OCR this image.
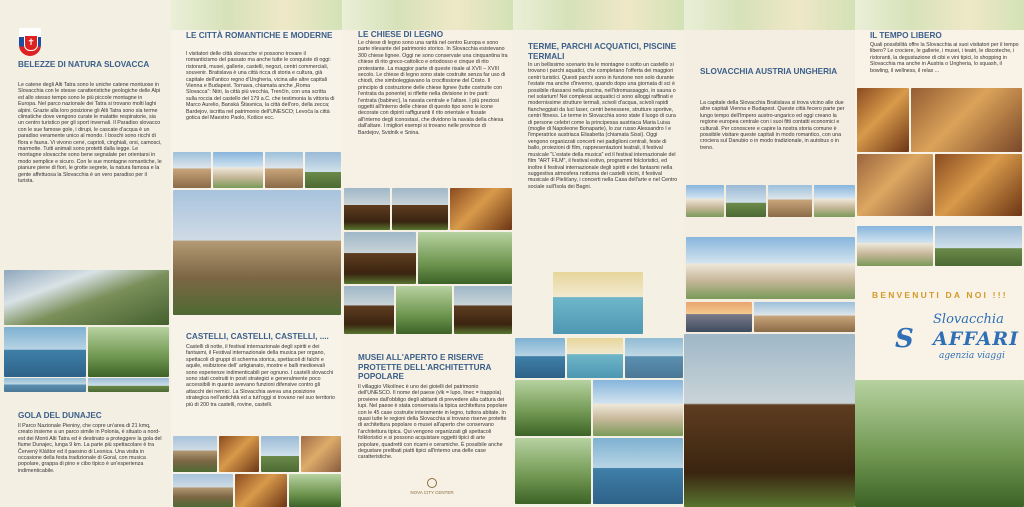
✝
BELEZZE DI NATURA SLOVACCA

Le catene degli Alti Tatra sono le uniche catene montuose in Slovacchia con le stesse caratteristiche geologiche delle Alpi ed allo stesso tempo sono le più piccole montagne in Europa. Nel parco nazionale dei Tatra si trovano molti laghi alpini. Grazie alla loro posizione gli Alti Tatra sono sia terme climatiche dove vengono curate le malattie respiratorie, sia un centro turistico per gli sport invernali. Il Paradiso slovacco con le sue famose gole, i dirupi, le cascate d'acqua è un paradiso veramente unico al mondo. I boschi sono ricchi di flora e fauna. Vi vivono cervi, caprioli, cinghiali, orsi, camosci, marmotte. Tutti animali sono protetti dalla legge. Le montagne slovacche sono bene segnalate per orientarsi in modo semplice e sicuro. Con le sue montagne romantiche, le pianure piene di fiori, le grotte segrete, la natura famosa e la gente affettuosa la Slovacchia è un vero paradiso per il turista.

GOLA DEL DUNAJEC

Il Parco Nazionale Pieniny, che copre un'area di 21 kmq, creato insieme a un parco simile in Polonia, è situato a nord-est dei Monti Alti Tatra ed è destinato a proteggere la gola del fiume Dunajec, lunga 9 km. La parte più spettacolare è tra Červený Kláštor ed il paesino di Lesnica. Una visita in occasione della festa tradizionale di Goral, con musica popolare, grappa di pino e cibo tipico è un'esperienza indimenticabile.

LE CITTÀ ROMANTICHE E MODERNE

I visitatori delle città slovacche vi possono trovare il romanticismo del passato ma anche tutte le conquiste di oggi: ristoranti, musei, gallerie, castelli, negozi, centri commerciali, souvenir. Bratislava è una città ricca di storia e cultura, già capitale dell'antico regno d'Ungheria, vicina alle altre capitali Vienna e Budapest. Tornava, chiamata anche „Roma Slovacca": Nitri, la città più vecchia, Trenčín, con una scritta sulla roccia del castello del 179 a.C. che testimonia la vittoria di Marco Aurelio, Banská Štiavnica, la città dell'oro, della zecca; Bardejov, iscritta nel patrimonio dell'UNESCO; Levoča la città gotica del Maestro Paolo, Košice ecc.

CASTELLI, CASTELLI, CASTELLI, ....

Castelli di notte, il festival internazionale degli spiriti e dei fantasmi, il Festival internazionale della musica per organo, spettacoli di gruppi di scherma storica, spettacoli di falchi e aquile, esibizione dell' artigianato, mostre e balli medioevali sono esperienze indimenticabili per ognuno. I castelli slovacchi sono stati costruiti in posti strategici e generalmente poco accessibili in quanto avevano funzioni difensive contro gli attacchi dei nemici. La Slovacchia aveva una posizione strategica nell'antichità ed a tutt'oggi si trovano nel suo territorio più di 200 tra castelli, rovine, castelli.

LE CHIESE DI LEGNO

Le chiese di legno sono una rarità nel centro Europa e sono parte rilevante del patrimonio storico. In Slovacchia esistevano 300 chiese lignee. Oggi ne sono conservate una cinquantina tra chiese di rito greco-cattolico e ortodosso e cinque di rito protestante. La maggior parte di queste risale al XVII – XVIII secolo. Le chiese di legno sono state costruite senza far uso di chiodi, che simboleggiavano la crocifissione del Cristo. Il principio di costruzione delle chiese lignee (tutte costruite con l'entrata da ponente) si riflette nella divisione in tre parti: l'entrata (babinec), la navata centrale e l'altare. I più preziosi oggetti all'interno delle chiese di questo tipo sono le icone decorate con dipinti raffiguranti il rito orientale e fissate all'interno degli iconostasi, che dividono la navata della chiesa dall'altare. I migliori esempi si trovano nelle province di Bardejov, Svidník e Snina.

MUSEI ALL'APERTO E RISERVE PROTETTE DELL'ARCHITETTURA POPOLARE

Il villaggio Vlkolínec è uno dei gioielli del patrimonio dell'UNESCO. Il nome del paese (vlk = lupo, linec = trappola) proviene dall'obbligo degli abitanti di prevedere alla cattura dei lupi. Nel paese è stata conservata la tipica architettura popolare con le 45 case costruite interamente in legno, tuttora abitate. In quasi tutte le regioni della Slovacchia si trovano riserve protette di architettura popolare o musei all'aperto che conservano l'architettura tipica. Qui vengono organizzati gli spettacoli folkloristici e si possono acquistare oggetti tipici di arte popolare, quadretti con ricami e ceramiche. È possibile anche degustare prelibati piatti tipici all'interno una delle case caratteristiche.

NOVA CITY CENTER
TERME, PARCHI ACQUATICI, PISCINE TERMALI

In un bellissimo scenario tra le montagne o sotto un castello si trovano i parchi aquatici, che completano l'offerta dei maggiori centri turistici. Questi parchi sono in funzione non solo durante l'estate ma anche d'inverno, quando dopo una giornata di sci è possibile rilassarsi nella piscina, nell'idromassaggio, in sauna o nel solarium! Nei complessi acquatici ci sono alloggi raffinati e modernissime strutture termali, scivoli d'acqua, scivoli rapidi fiancheggiati da luci laser, centri benessere, strutture sportive, centri fitness. Le terme in Slovacchia sono state il luogo di cura di persone celebri come la principessa austriaca Maria Luisa (moglie di Napoleone Bonaparte), lo zar russo Alessandro I e l'imperatrice austriaca Elisabetta (chiamata Sissi). Oggi vengono organizzati concerti nei padiglioni centrali, feste di ballo, proiezioni di film, rappresentazioni teatrali, il festival musicale "L'estate della musica" ed il festival internazionale del film "ART FILM", il festival estivo, programmi folcloristici, ed inoltre il festival internazionale degli spiriti e dei fantasmi nella suggestiva atmosfera notturna dei castelli vicini, il festival musicale di Piešťany, i concerti nella Casa dell'arte e nel Centro sociale sull'Isola dei Bagni.

SLOVACCHIA AUSTRIA UNGHERIA

La capitale della Slovacchia Bratislava si trova vicino alle due altre capitali Vienna e Budapest. Queste città fecero parte per lungo tempo dell'Impero austro-ungarico ed oggi creano la regione europea centrale con i suoi fitti contatti economici e culturali. Per conoscere e capire la nostra storia comune è possibile visitare queste capitali in modo romantico, con una crociera sul Danubio o in modo tradizionale, in autobus o in treno.

IL TEMPO LIBERO

Quali possibilità offre la Slovacchia ai suoi visitatori per il tempo libero? Le crociere, le gallerie, i musei, i teatri, le discoteche, i ristoranti, la degustazione di cibi e vini tipici, lo shopping in Slovacchia ma anche in Austria o Ungheria, lo squash, il bowling, il wellness, il relax ...

BENVENUTI DA NOI !!!
Slovacchia
S AFFARI
agenzia viaggi
